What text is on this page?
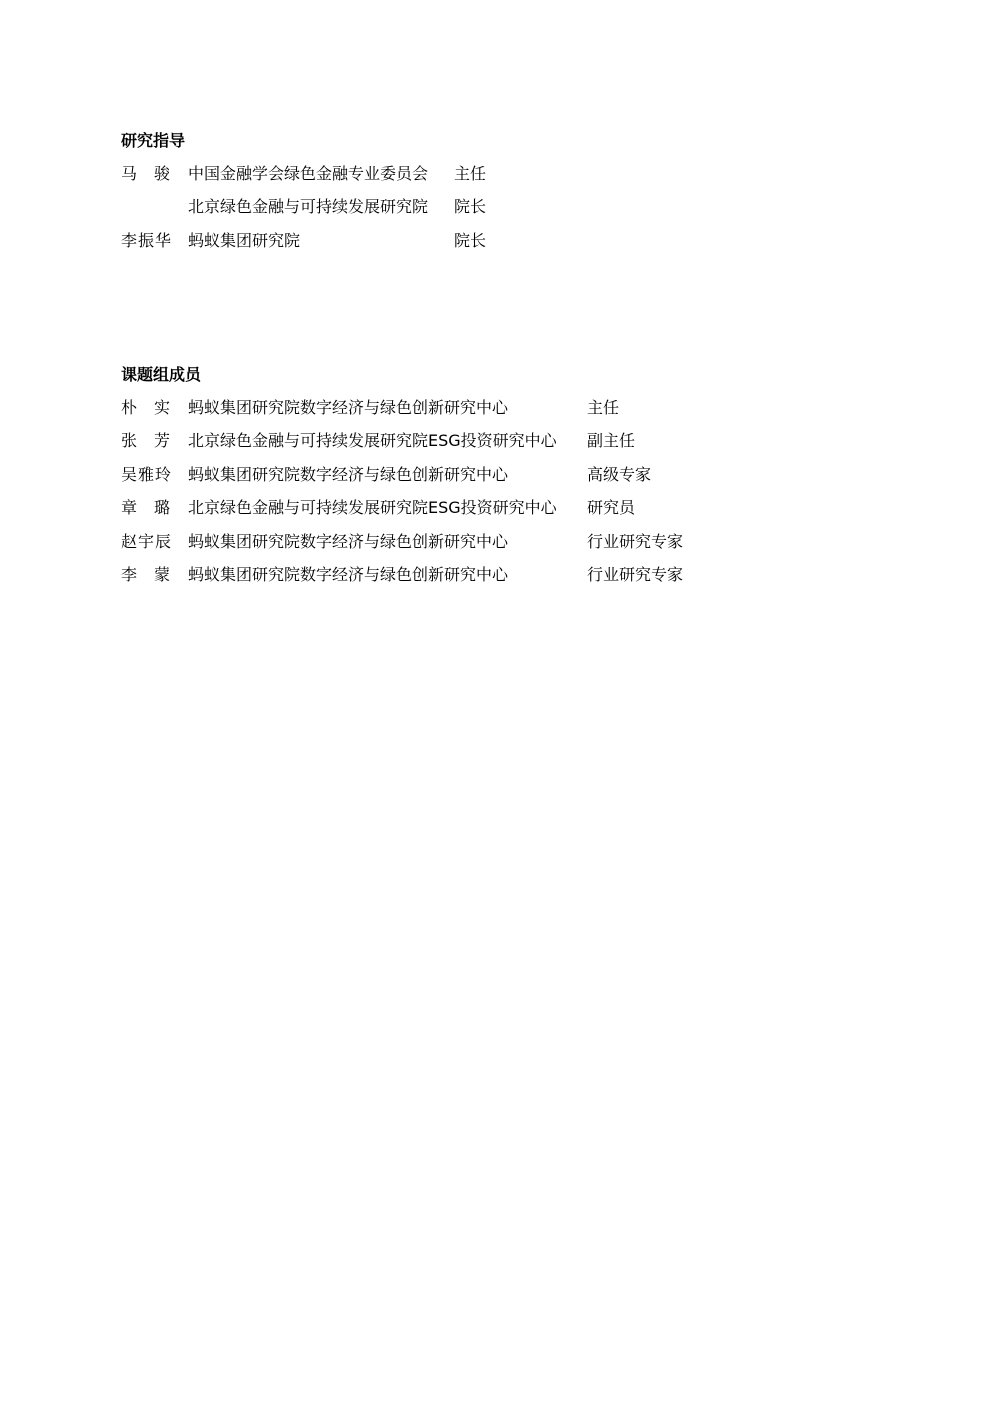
研究指导
马骏 中国金融学会绿色金融专业委员会 主任
北京绿色金融与可持续发展研究院 院长
李振华 蚂蚁集团研究院	院长
课题组成员
朴实 蚂蚁集团研究院数字经济与绿色创新研究中心	主任
张芳 北京绿色金融与可持续发展研究院ESG投资研究中心 副主任
吴雅玲 蚂蚁集团研究院数字经济与绿色创新研究中心	高级专家
章璐 北京绿色金融与可持续发展研究院ESG投资研究中心 研究员
赵宇辰 蚂蚁集团研究院数字经济与绿色创新研究中心	行业研究专家
李蒙 蚂蚁集团研究院数字经济与绿色创新研究中心	行业研究专家
